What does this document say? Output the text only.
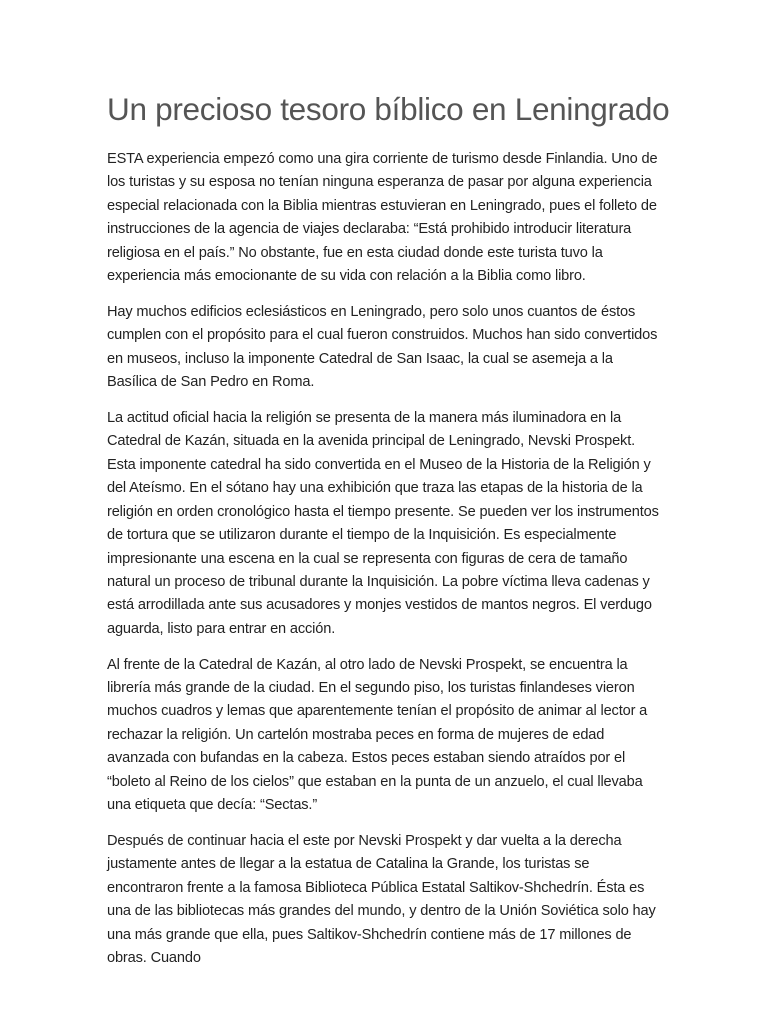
Un precioso tesoro bíblico en Leningrado

ESTA experiencia empezó como una gira corriente de turismo desde Finlandia. Uno de los turistas y su esposa no tenían ninguna esperanza de pasar por alguna experiencia especial relacionada con la Biblia mientras estuvieran en Leningrado, pues el folleto de instrucciones de la agencia de viajes declaraba: “Está prohibido introducir literatura religiosa en el país.” No obstante, fue en esta ciudad donde este turista tuvo la experiencia más emocionante de su vida con relación a la Biblia como libro.

Hay muchos edificios eclesiásticos en Leningrado, pero solo unos cuantos de éstos cumplen con el propósito para el cual fueron construidos. Muchos han sido convertidos en museos, incluso la imponente Catedral de San Isaac, la cual se asemeja a la Basílica de San Pedro en Roma.

La actitud oficial hacia la religión se presenta de la manera más iluminadora en la Catedral de Kazán, situada en la avenida principal de Leningrado, Nevski Prospekt. Esta imponente catedral ha sido convertida en el Museo de la Historia de la Religión y del Ateísmo. En el sótano hay una exhibición que traza las etapas de la historia de la religión en orden cronológico hasta el tiempo presente. Se pueden ver los instrumentos de tortura que se utilizaron durante el tiempo de la Inquisición. Es especialmente impresionante una escena en la cual se representa con figuras de cera de tamaño natural un proceso de tribunal durante la Inquisición. La pobre víctima lleva cadenas y está arrodillada ante sus acusadores y monjes vestidos de mantos negros. El verdugo aguarda, listo para entrar en acción.

Al frente de la Catedral de Kazán, al otro lado de Nevski Prospekt, se encuentra la librería más grande de la ciudad. En el segundo piso, los turistas finlandeses vieron muchos cuadros y lemas que aparentemente tenían el propósito de animar al lector a rechazar la religión. Un cartelón mostraba peces en forma de mujeres de edad avanzada con bufandas en la cabeza. Estos peces estaban siendo atraídos por el “boleto al Reino de los cielos” que estaban en la punta de un anzuelo, el cual llevaba una etiqueta que decía: “Sectas.”

Después de continuar hacia el este por Nevski Prospekt y dar vuelta a la derecha justamente antes de llegar a la estatua de Catalina la Grande, los turistas se encontraron frente a la famosa Biblioteca Pública Estatal Saltikov-Shchedrín. Ésta es una de las bibliotecas más grandes del mundo, y dentro de la Unión Soviética solo hay una más grande que ella, pues Saltikov-Shchedrín contiene más de 17 millones de obras. Cuando
